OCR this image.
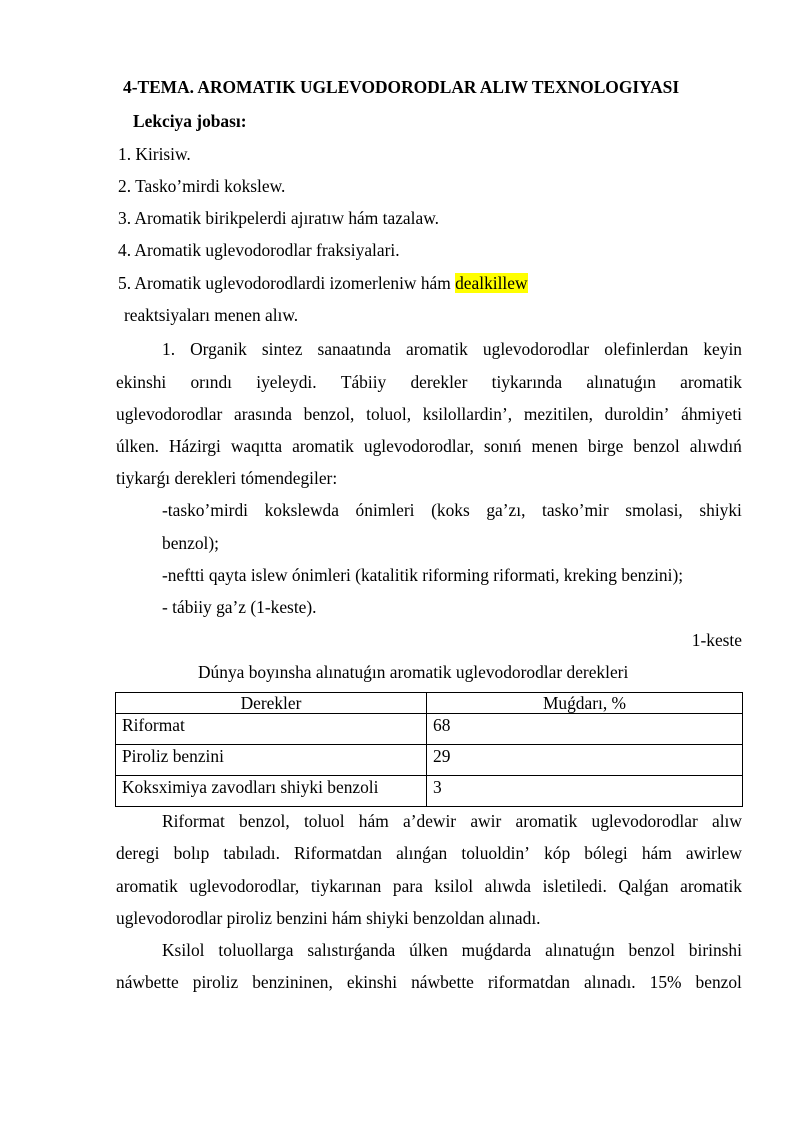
4-TEMA. AROMATIK UGLEVODORODLAR ALIW TEXNOLOGIYASI
Lekciya jobası:
1. Kirisiw.
2. Tasko’mirdi kokslew.
3. Aromatik birikpelerdi ajıratıw hám tazalaw.
4. Aromatik uglevodorodlar fraksiyalari.
5. Aromatik uglevodorodlardi izomerleniw hám dealkillew
reaktsiyaları menen alıw.
1. Organik sintez sanaatında aromatik uglevodorodlar olefinlerdan keyin
ekinshi orındı iyeleydi. Tábiiy derekler tiykarında alınatuǵın aromatik
uglevodorodlar arasında benzol, toluol, ksilollardin’, mezitilen, duroldin’ áhmiyeti
úlken. Házirgi waqıtta aromatik uglevodorodlar, sonıń menen birge benzol alıwdıń
tiykarǵı derekleri tómendegiler:
-tasko’mirdi kokslewda ónimleri (koks ga’zı, tasko’mir smolasi, shiyki
benzol);
-neftti qayta islew ónimleri (katalitik riforming riformati, kreking benzini);
- tábiiy ga’z (1-keste).
1-keste
Dúnya boyınsha alınatuǵın aromatik uglevodorodlar derekleri
Derekler	Muǵdarı, %
Riformat	68
Piroliz benzini	29
Koksximiya zavodları shiyki benzoli	3
Riformat benzol, toluol hám a’dewir awir aromatik uglevodorodlar alıw
deregi bolıp tabıladı. Riformatdan alınǵan toluoldin’ kóp bólegi hám awirlew
aromatik uglevodorodlar, tiykarınan para ksilol alıwda isletiledi. Qalǵan aromatik
uglevodorodlar piroliz benzini hám shiyki benzoldan alınadı.
Ksilol toluollarga salıstırǵanda úlken muǵdarda alınatuǵın benzol birinshi
náwbette piroliz benzininen, ekinshi náwbette riformatdan alınadı. 15% benzol
